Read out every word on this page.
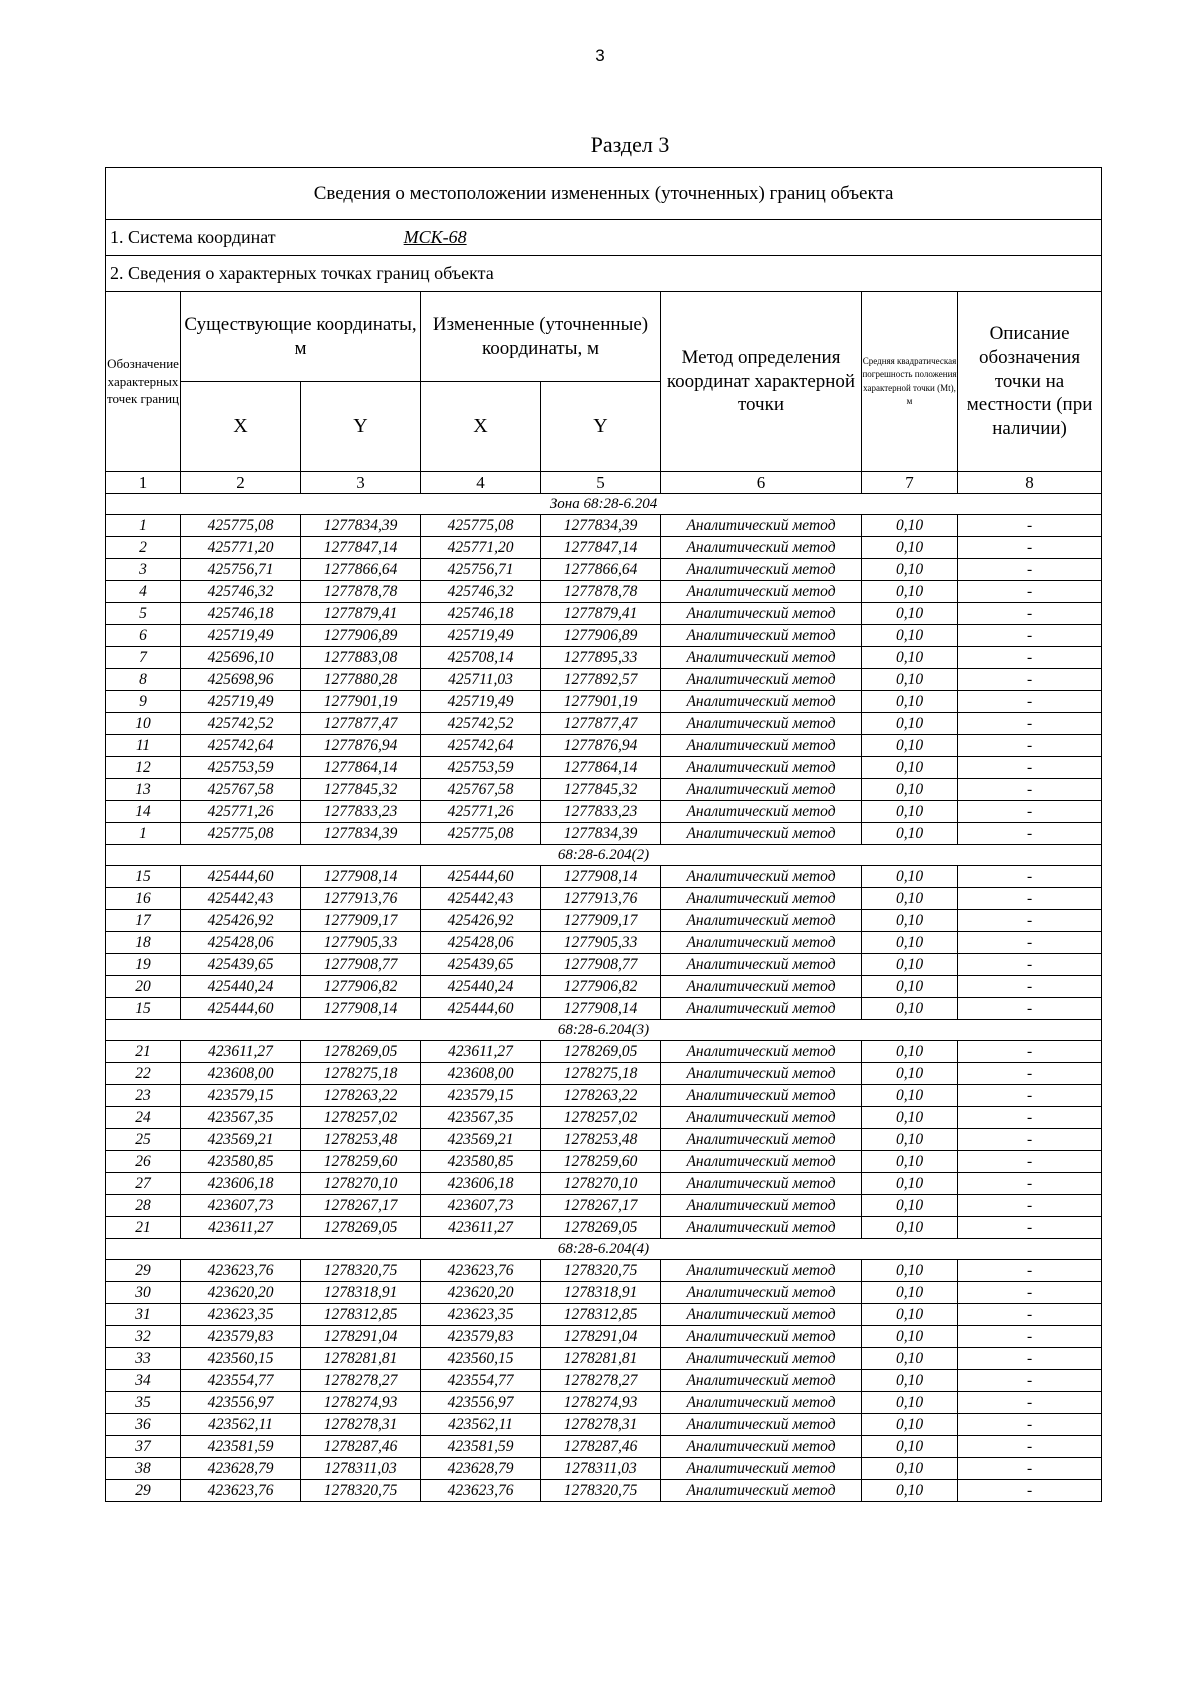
3
Раздел 3
Сведения о местоположении измененных (уточненных) границ объекта							
1. Система координат МСК-68							
2. Сведения о характерных точках границ объекта							
Обозначение характерных точек границ	Существующие координаты, м		Измененные (уточненные) координаты, м		Метод определения координат характерной точки	Средняя квадратическая погрешность положения характерной точки (Mt), м	Описание обозначения точки на местности (при наличии)
	X	Y	X	Y			
1	2	3	4	5	6	7	8
Зона 68:28-6.204							
1	425775,08	1277834,39	425775,08	1277834,39	Аналитический метод	0,10	-
2	425771,20	1277847,14	425771,20	1277847,14	Аналитический метод	0,10	-
3	425756,71	1277866,64	425756,71	1277866,64	Аналитический метод	0,10	-
4	425746,32	1277878,78	425746,32	1277878,78	Аналитический метод	0,10	-
5	425746,18	1277879,41	425746,18	1277879,41	Аналитический метод	0,10	-
6	425719,49	1277906,89	425719,49	1277906,89	Аналитический метод	0,10	-
7	425696,10	1277883,08	425708,14	1277895,33	Аналитический метод	0,10	-
8	425698,96	1277880,28	425711,03	1277892,57	Аналитический метод	0,10	-
9	425719,49	1277901,19	425719,49	1277901,19	Аналитический метод	0,10	-
10	425742,52	1277877,47	425742,52	1277877,47	Аналитический метод	0,10	-
11	425742,64	1277876,94	425742,64	1277876,94	Аналитический метод	0,10	-
12	425753,59	1277864,14	425753,59	1277864,14	Аналитический метод	0,10	-
13	425767,58	1277845,32	425767,58	1277845,32	Аналитический метод	0,10	-
14	425771,26	1277833,23	425771,26	1277833,23	Аналитический метод	0,10	-
1	425775,08	1277834,39	425775,08	1277834,39	Аналитический метод	0,10	-
68:28-6.204(2)							
15	425444,60	1277908,14	425444,60	1277908,14	Аналитический метод	0,10	-
16	425442,43	1277913,76	425442,43	1277913,76	Аналитический метод	0,10	-
17	425426,92	1277909,17	425426,92	1277909,17	Аналитический метод	0,10	-
18	425428,06	1277905,33	425428,06	1277905,33	Аналитический метод	0,10	-
19	425439,65	1277908,77	425439,65	1277908,77	Аналитический метод	0,10	-
20	425440,24	1277906,82	425440,24	1277906,82	Аналитический метод	0,10	-
15	425444,60	1277908,14	425444,60	1277908,14	Аналитический метод	0,10	-
68:28-6.204(3)							
21	423611,27	1278269,05	423611,27	1278269,05	Аналитический метод	0,10	-
22	423608,00	1278275,18	423608,00	1278275,18	Аналитический метод	0,10	-
23	423579,15	1278263,22	423579,15	1278263,22	Аналитический метод	0,10	-
24	423567,35	1278257,02	423567,35	1278257,02	Аналитический метод	0,10	-
25	423569,21	1278253,48	423569,21	1278253,48	Аналитический метод	0,10	-
26	423580,85	1278259,60	423580,85	1278259,60	Аналитический метод	0,10	-
27	423606,18	1278270,10	423606,18	1278270,10	Аналитический метод	0,10	-
28	423607,73	1278267,17	423607,73	1278267,17	Аналитический метод	0,10	-
21	423611,27	1278269,05	423611,27	1278269,05	Аналитический метод	0,10	-
68:28-6.204(4)							
29	423623,76	1278320,75	423623,76	1278320,75	Аналитический метод	0,10	-
30	423620,20	1278318,91	423620,20	1278318,91	Аналитический метод	0,10	-
31	423623,35	1278312,85	423623,35	1278312,85	Аналитический метод	0,10	-
32	423579,83	1278291,04	423579,83	1278291,04	Аналитический метод	0,10	-
33	423560,15	1278281,81	423560,15	1278281,81	Аналитический метод	0,10	-
34	423554,77	1278278,27	423554,77	1278278,27	Аналитический метод	0,10	-
35	423556,97	1278274,93	423556,97	1278274,93	Аналитический метод	0,10	-
36	423562,11	1278278,31	423562,11	1278278,31	Аналитический метод	0,10	-
37	423581,59	1278287,46	423581,59	1278287,46	Аналитический метод	0,10	-
38	423628,79	1278311,03	423628,79	1278311,03	Аналитический метод	0,10	-
29	423623,76	1278320,75	423623,76	1278320,75	Аналитический метод	0,10	-
